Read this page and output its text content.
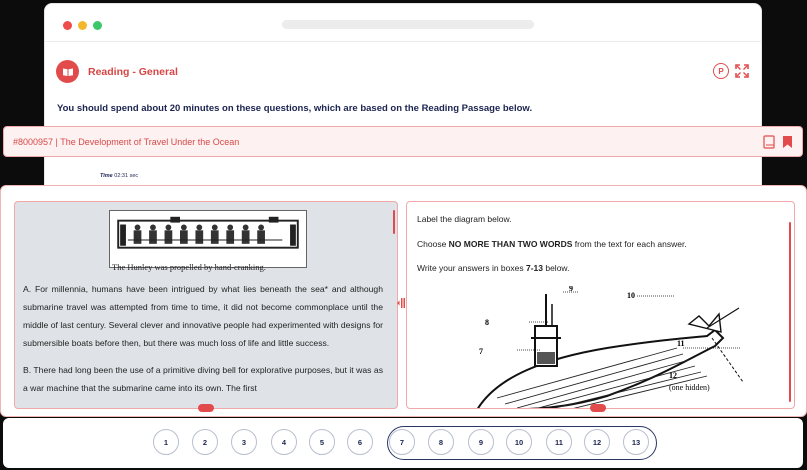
Reading - General	P
You should spend about 20 minutes on these questions, which are based on the Reading Passage below.
Time 02:31 sec
#8000957 | The Development of Travel Under the Ocean
The Hunley was propelled by hand-cranking.

A. For millennia, humans have been intrigued by what lies beneath the sea* and although submarine travel was attempted from time to time, it did not become commonplace until the middle of last century. Several clever and innovative people had experimented with designs for submersible boats before then, but there was much loss of life and little success.

B. There had long been the use of a primitive diving bell for explorative purposes, but it was as a war machine that the submarine came into its own. The first

Label the diagram below.
Choose NO MORE THAN TWO WORDS from the text for each answer.
Write your answers in boxes 7-13 below.
7
8
9
10
11
12
(one hidden)
1	2	3	4	5	6	7	8	9	10	11	12	13
